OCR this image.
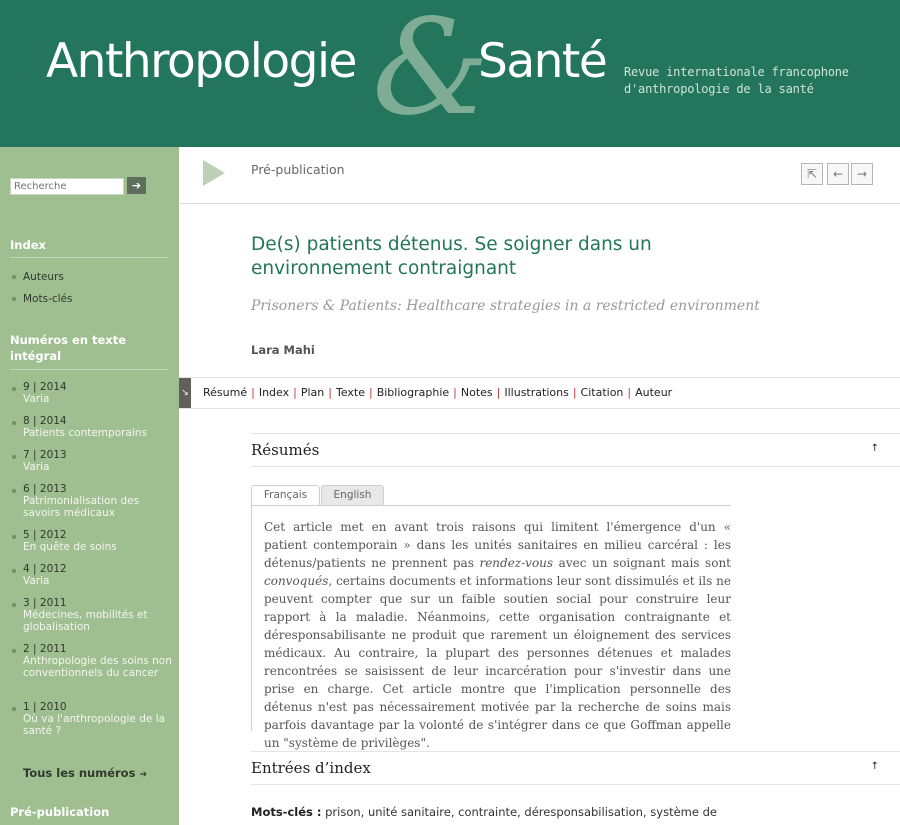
&
Anthropologie	Santé Revue internationale francophone
d'anthropologie de la santé
Recherche
➔
Index
Auteurs
Mots-clés
Numéros en texte intégral
9 | 2014
Varia
8 | 2014
Patients contemporains
7 | 2013
Varia
6 | 2013
Patrimonialisation des savoirs médicaux
5 | 2012
En quête de soins
4 | 2012
Varia
3 | 2011
Médecines, mobilités et globalisation
2 | 2011
Anthropologie des soins non conventionnels du cancer
1 | 2010
Où va l'anthropologie de la santé ?
Tous les numéros ➔
Pré-publication
Pré-publication	⇱	←	→
De(s) patients détenus. Se soigner dans un environnement contraignant
Prisoners & Patients: Healthcare strategies in a restricted environment
Lara Mahi
↘ Résumé | Index | Plan | Texte | Bibliographie | Notes | Illustrations | Citation | Auteur
Résumés	↑
Français	English

Cet article met en avant trois raisons qui limitent l'émergence d'un « patient contemporain » dans les unités sanitaires en milieu carcéral : les détenus/patients ne prennent pas rendez-vous avec un soignant mais sont convoqués, certains documents et informations leur sont dissimulés et ils ne peuvent compter que sur un faible soutien social pour construire leur rapport à la maladie. Néanmoins, cette organisation contraignante et déresponsabilisante ne produit que rarement un éloignement des services médicaux. Au contraire, la plupart des personnes détenues et malades rencontrées se saisissent de leur incarcération pour s'investir dans une prise en charge. Cet article montre que l'implication personnelle des détenus n'est pas nécessairement motivée par la recherche de soins mais parfois davantage par la volonté de s'intégrer dans ce que Goffman appelle un "système de privilèges".

Entrées d’index	↑
Mots-clés : prison, unité sanitaire, contrainte, déresponsabilisation, système de
